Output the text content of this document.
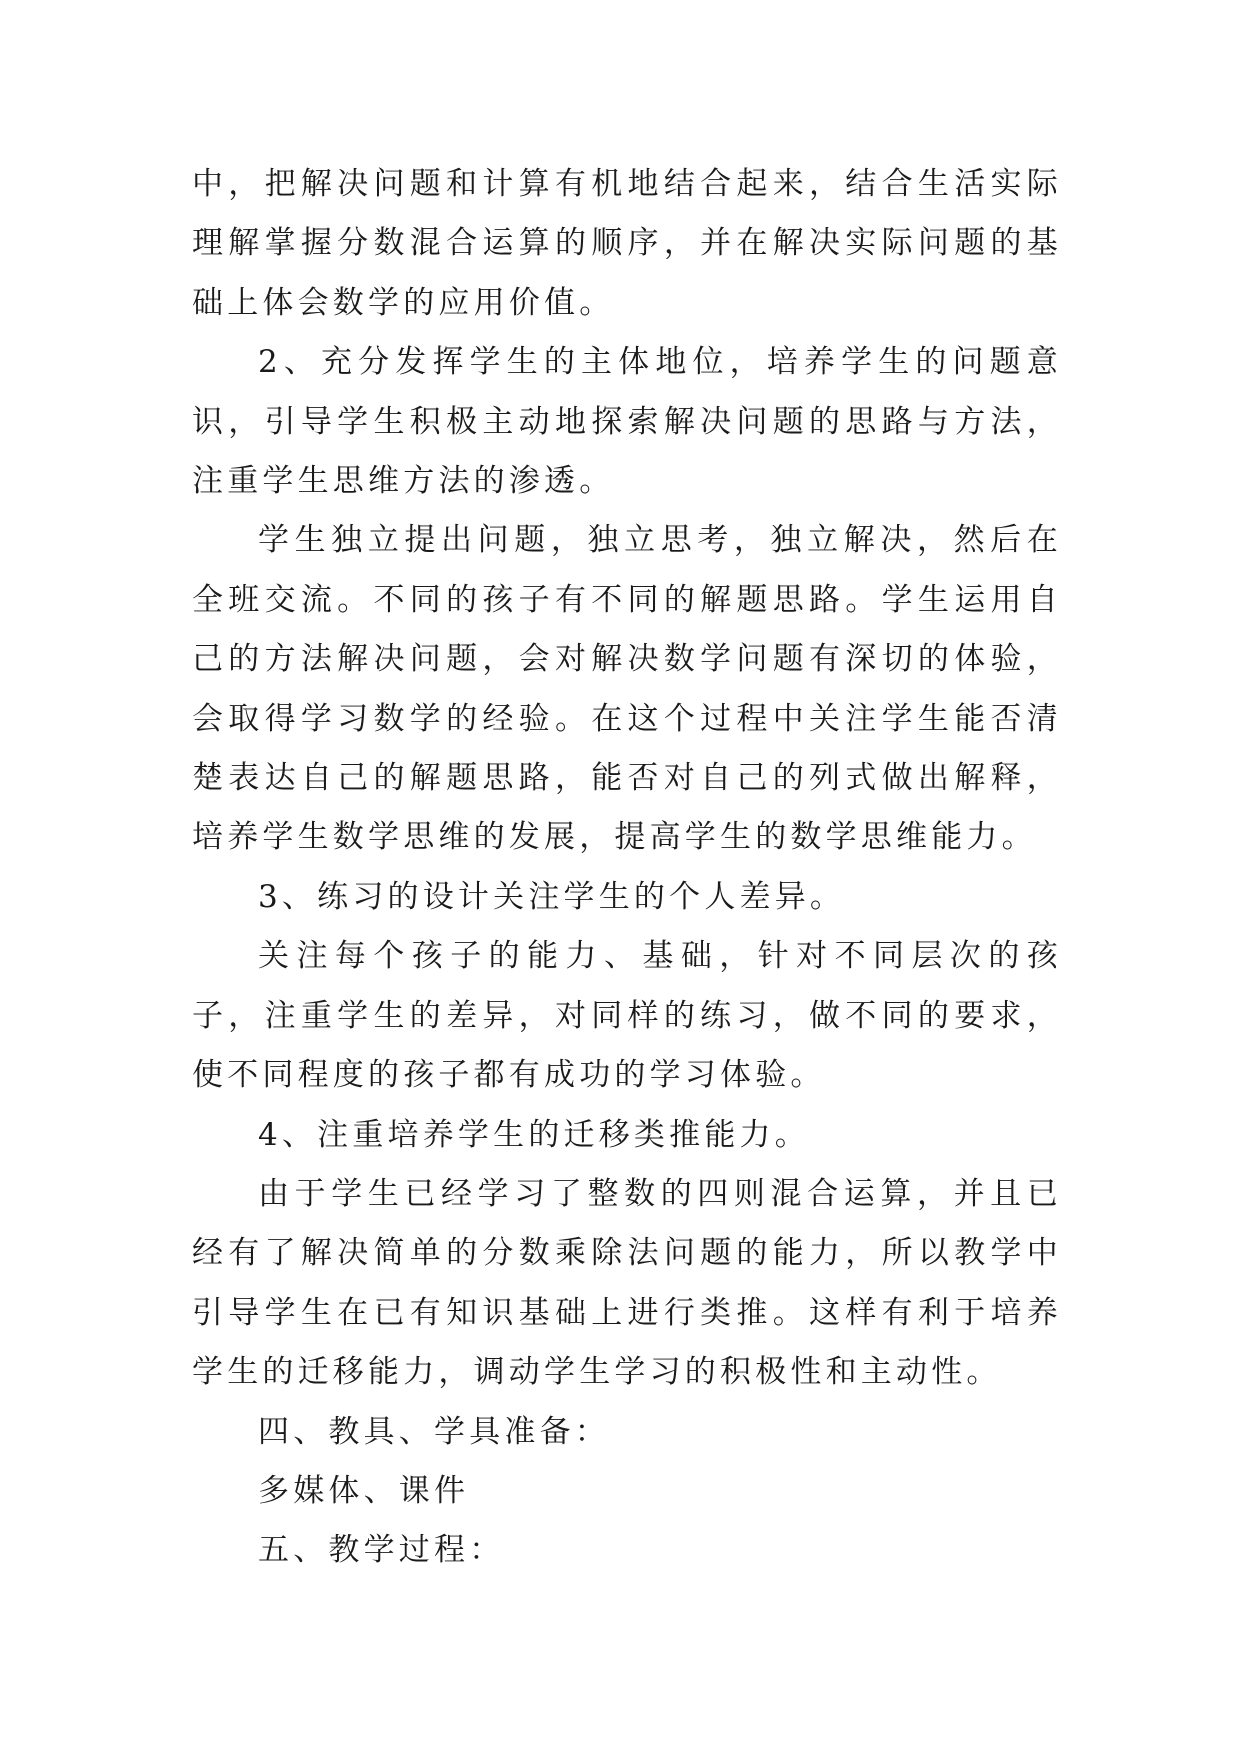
中，把解决问题和计算有机地结合起来，结合生活实际理解掌握分数混合运算的顺序，并在解决实际问题的基础上体会数学的应用价值。

2、充分发挥学生的主体地位，培养学生的问题意识，引导学生积极主动地探索解决问题的思路与方法，注重学生思维方法的渗透。

学生独立提出问题，独立思考，独立解决，然后在全班交流。不同的孩子有不同的解题思路。学生运用自己的方法解决问题，会对解决数学问题有深切的体验，会取得学习数学的经验。在这个过程中关注学生能否清楚表达自己的解题思路，能否对自己的列式做出解释，培养学生数学思维的发展，提高学生的数学思维能力。

3、练习的设计关注学生的个人差异。

关注每个孩子的能力、基础，针对不同层次的孩子，注重学生的差异，对同样的练习，做不同的要求，使不同程度的孩子都有成功的学习体验。

4、注重培养学生的迁移类推能力。

由于学生已经学习了整数的四则混合运算，并且已经有了解决简单的分数乘除法问题的能力，所以教学中引导学生在已有知识基础上进行类推。这样有利于培养学生的迁移能力，调动学生学习的积极性和主动性。

四、教具、学具准备：

多媒体、课件

五、教学过程：
